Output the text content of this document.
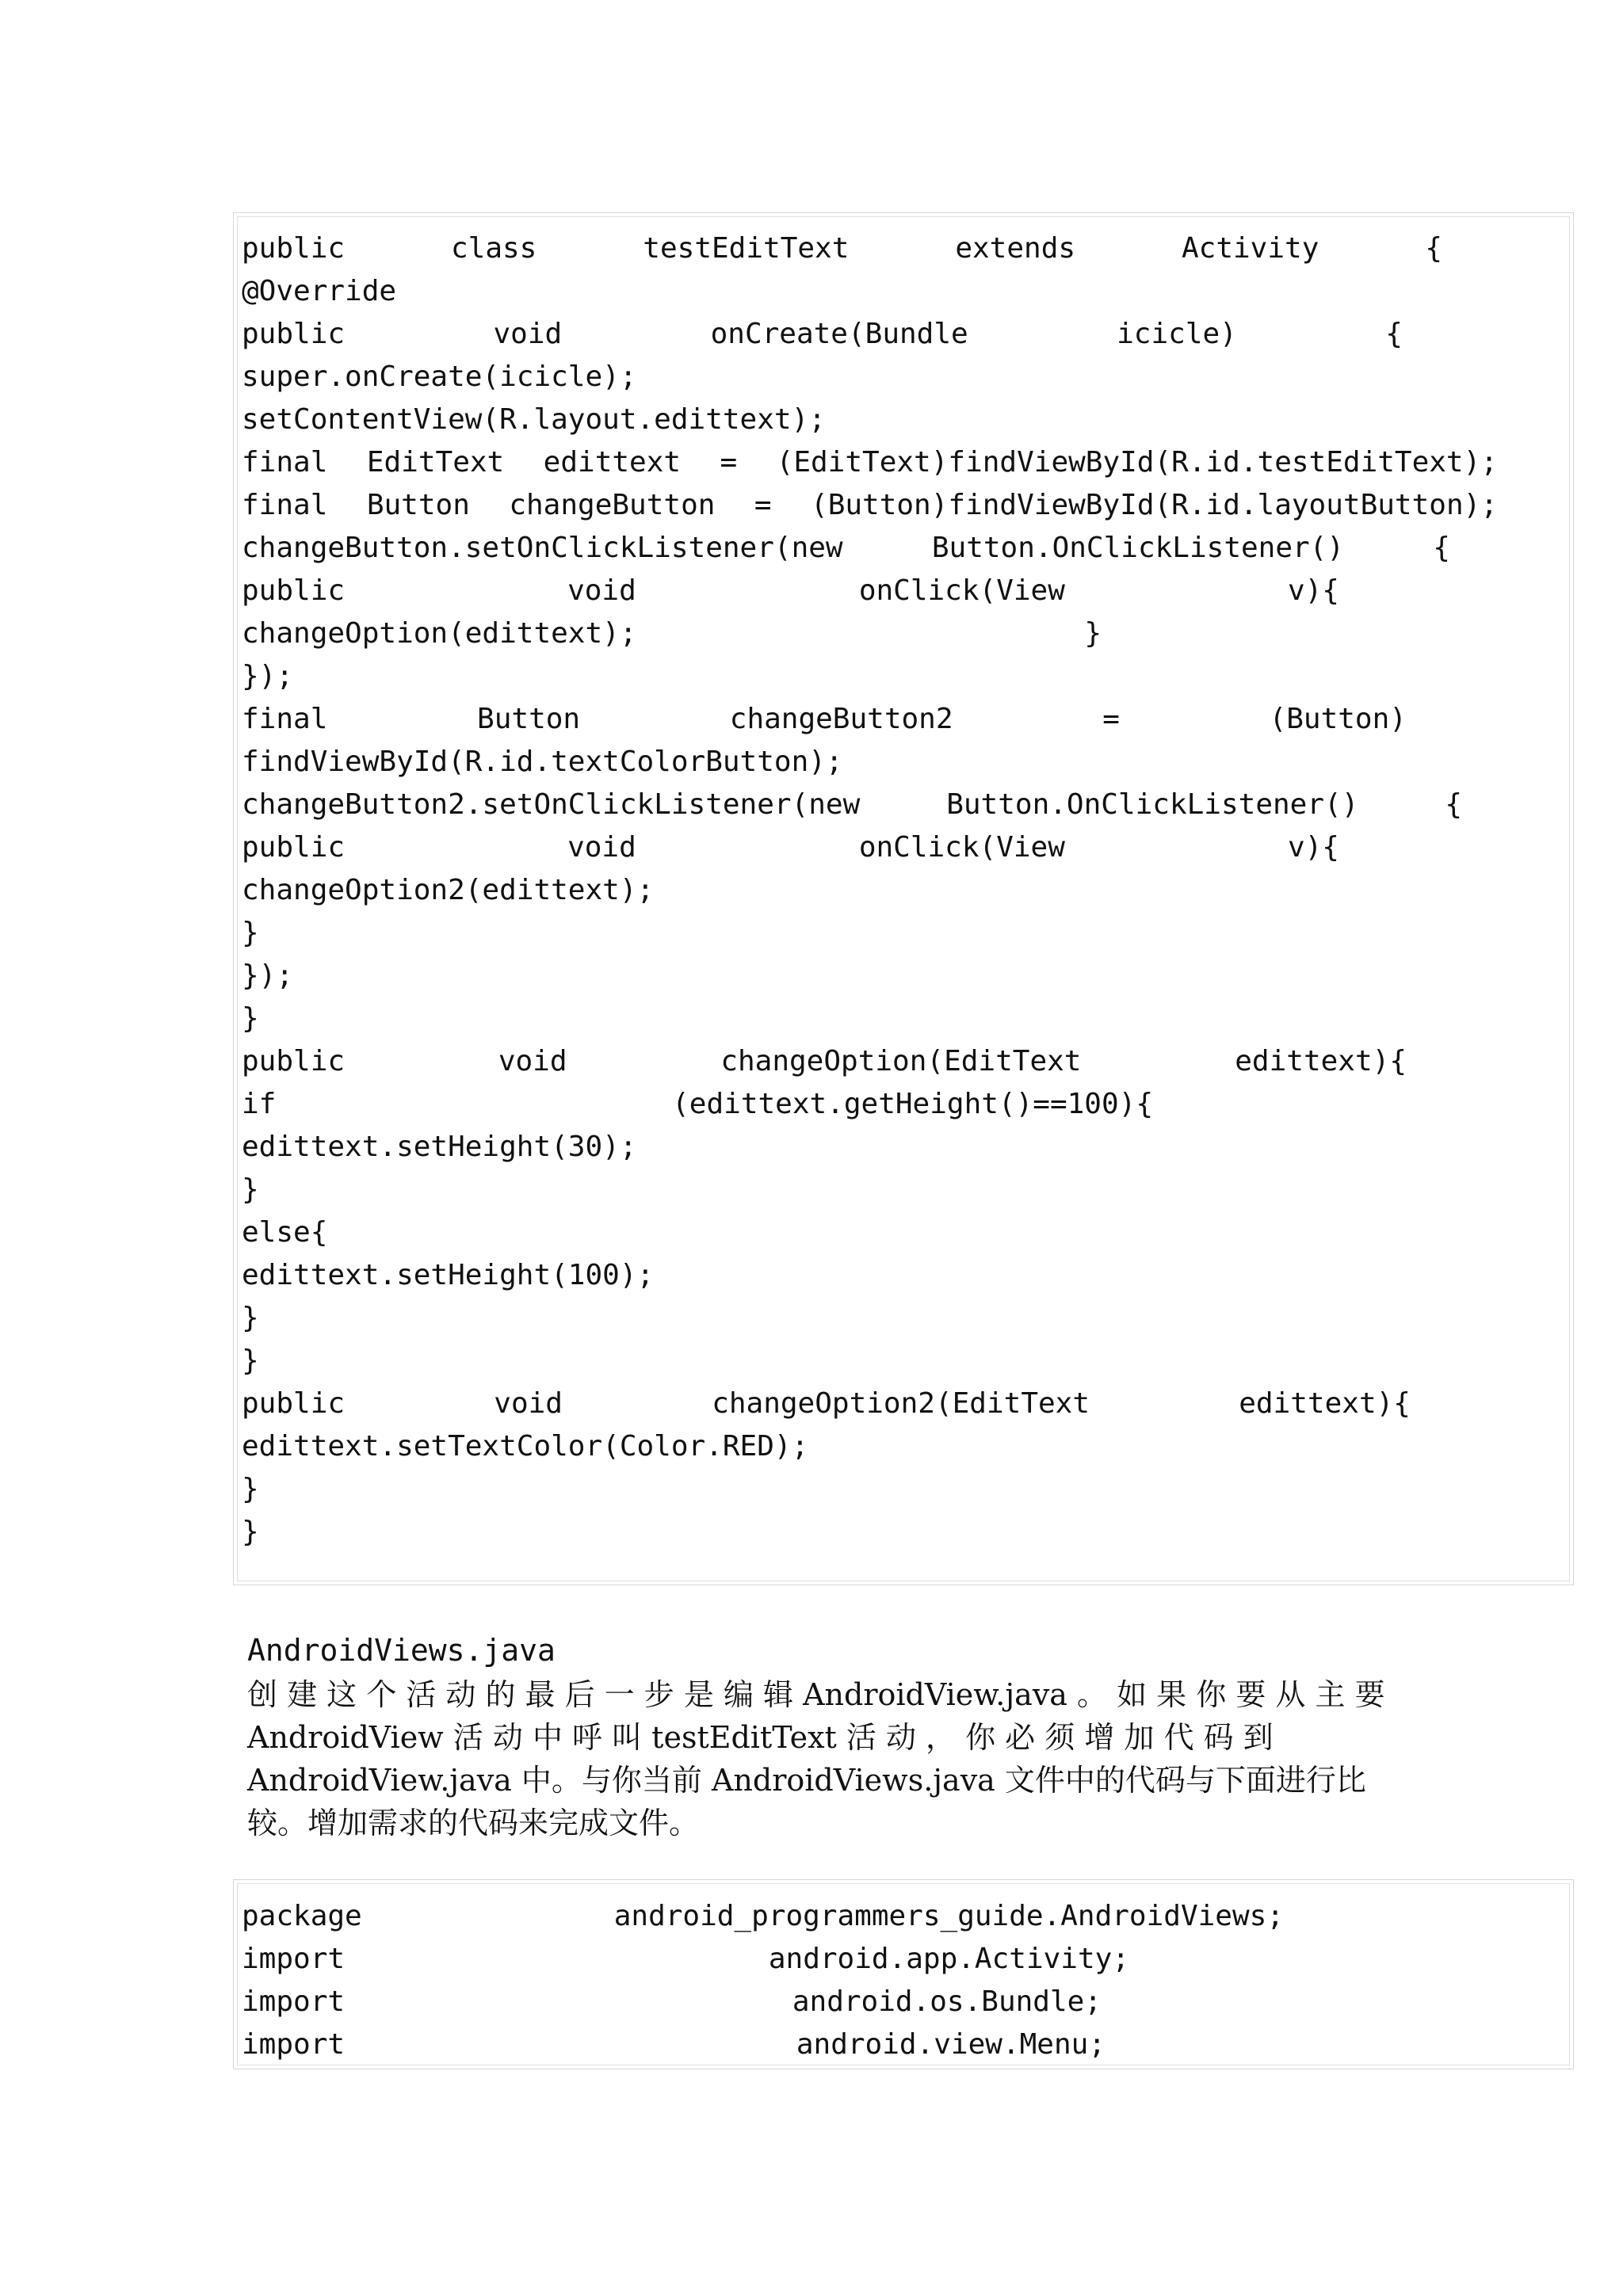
public	class	testEditText	extends	Activity	{
@Override
public	void	onCreate(Bundle	icicle)	{
super.onCreate(icicle);
setContentView(R.layout.edittext);
final EditText edittext = (EditText)findViewById(R.id.testEditText);
final Button changeButton = (Button)findViewById(R.id.layoutButton);
changeButton.setOnClickListener(new	Button.OnClickListener()	{
public	void	onClick(View	v){
changeOption(edittext);	}
});
final	Button	changeButton2	=	(Button)
findViewById(R.id.textColorButton);
changeButton2.setOnClickListener(new	Button.OnClickListener()	{
public	void	onClick(View	v){
changeOption2(edittext);
}
});
}
public	void	changeOption(EditText	edittext){
if	(edittext.getHeight()==100){
edittext.setHeight(30);
}
else{
edittext.setHeight(100);
}
}
public	void	changeOption2(EditText	edittext){
edittext.setTextColor(Color.RED);
}
}
AndroidViews.java
创 建 这 个 活 动 的 最 后 一 步 是 编 辑 AndroidView.java 。 如 果 你 要 从 主 要
AndroidView 活 动 中 呼 叫 testEditText 活 动 ， 你 必 须 增 加 代 码 到
AndroidView.java 中。与你当前 AndroidViews.java 文件中的代码与下面进行比
较。增加需求的代码来完成文件。
package	android_programmers_guide.AndroidViews;
import	android.app.Activity;
import	android.os.Bundle;
import	android.view.Menu;
